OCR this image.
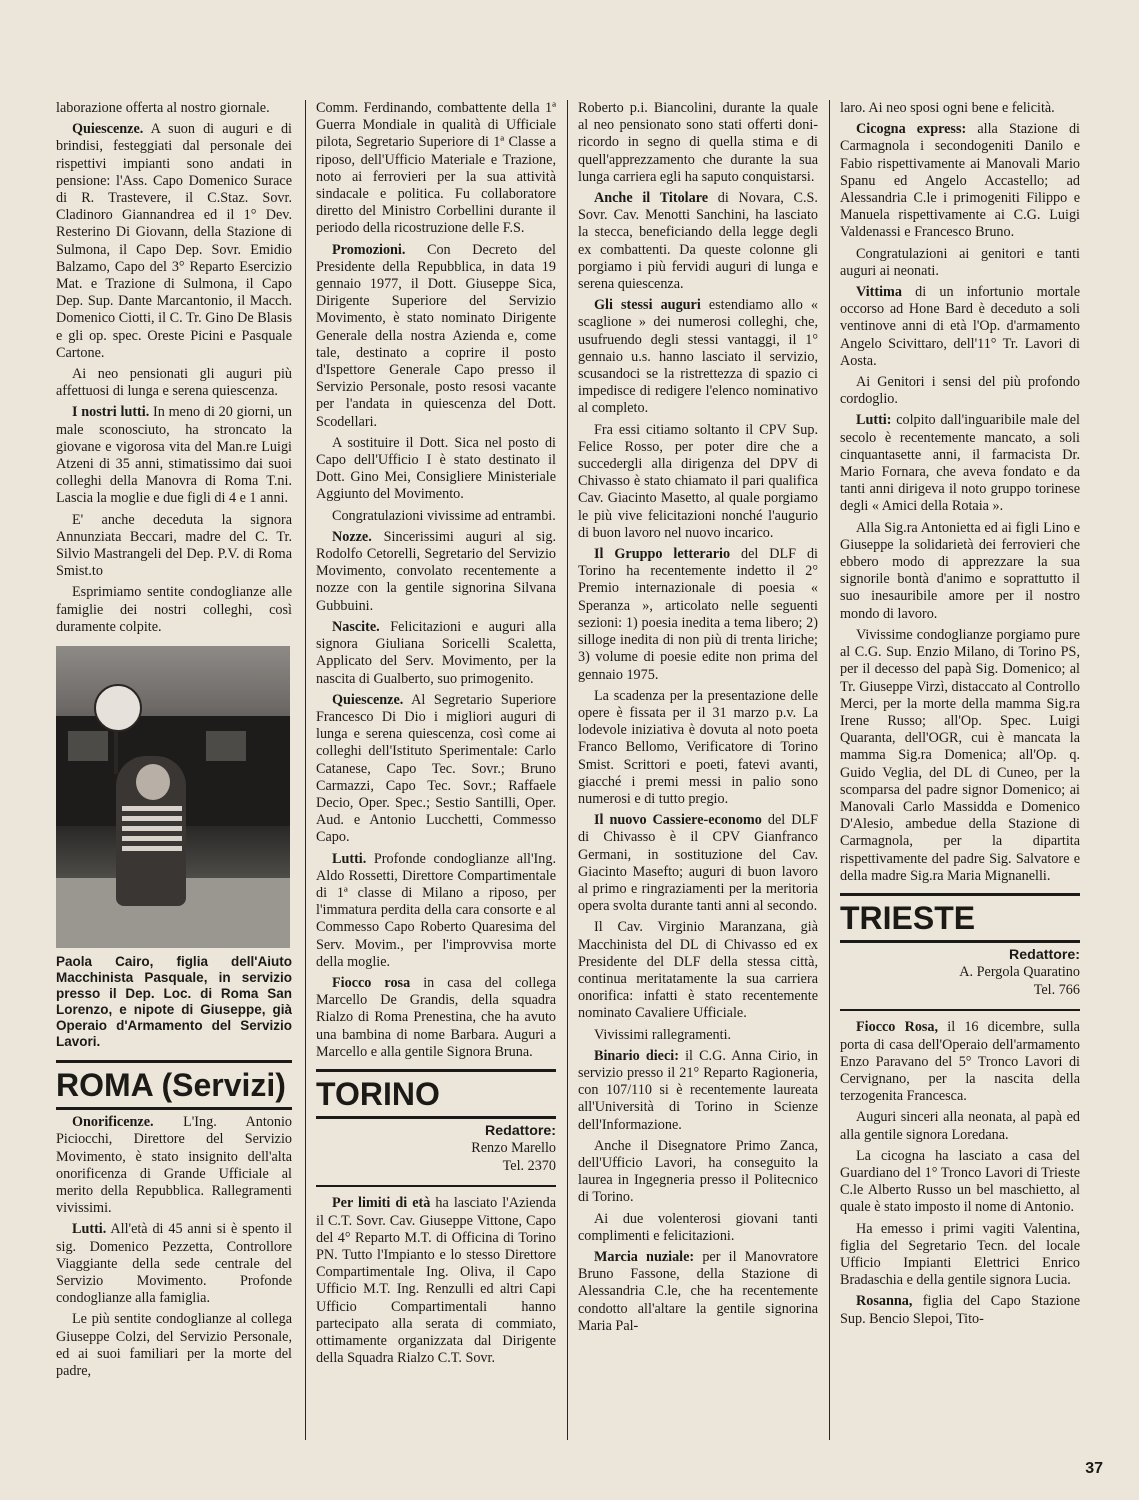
laborazione offerta al nostro giornale.

Quiescenze. A suon di auguri e di brindisi, festeggiati dal personale dei rispettivi impianti sono andati in pensione: l'Ass. Capo Domenico Surace di R. Trastevere, il C.Staz. Sovr. Cladinoro Giannandrea ed il 1° Dev. Resterino Di Giovann, della Stazione di Sulmona, il Capo Dep. Sovr. Emidio Balzamo, Capo del 3° Reparto Esercizio Mat. e Trazione di Sulmona, il Capo Dep. Sup. Dante Marcantonio, il Macch. Domenico Ciotti, il C. Tr. Gino De Blasis e gli op. spec. Oreste Picini e Pasquale Cartone.

Ai neo pensionati gli auguri più affettuosi di lunga e serena quiescenza.

I nostri lutti. In meno di 20 giorni, un male sconosciuto, ha stroncato la giovane e vigorosa vita del Man.re Luigi Atzeni di 35 anni, stimatissimo dai suoi colleghi della Manovra di Roma T.ni. Lascia la moglie e due figli di 4 e 1 anni.

E' anche deceduta la signora Annunziata Beccari, madre del C. Tr. Silvio Mastrangeli del Dep. P.V. di Roma Smist.to

Esprimiamo sentite condoglianze alle famiglie dei nostri colleghi, così duramente colpite.

Paola Cairo, figlia dell'Aiuto Macchinista Pasquale, in servizio presso il Dep. Loc. di Roma San Lorenzo, e nipote di Giuseppe, già Operaio d'Armamento del Servizio Lavori.
ROMA (Servizi)

Onorificenze. L'Ing. Antonio Piciocchi, Direttore del Servizio Movimento, è stato insignito dell'alta onorificenza di Grande Ufficiale al merito della Repubblica. Rallegramenti vivissimi.

Lutti. All'età di 45 anni si è spento il sig. Domenico Pezzetta, Controllore Viaggiante della sede centrale del Servizio Movimento. Profonde condoglianze alla famiglia.

Le più sentite condoglianze al collega Giuseppe Colzi, del Servizio Personale, ed ai suoi familiari per la morte del padre,

Comm. Ferdinando, combattente della 1ª Guerra Mondiale in qualità di Ufficiale pilota, Segretario Superiore di 1ª Classe a riposo, dell'Ufficio Materiale e Trazione, noto ai ferrovieri per la sua attività sindacale e politica. Fu collaboratore diretto del Ministro Corbellini durante il periodo della ricostruzione delle F.S.

Promozioni. Con Decreto del Presidente della Repubblica, in data 19 gennaio 1977, il Dott. Giuseppe Sica, Dirigente Superiore del Servizio Movimento, è stato nominato Dirigente Generale della nostra Azienda e, come tale, destinato a coprire il posto d'Ispettore Generale Capo presso il Servizio Personale, posto resosi vacante per l'andata in quiescenza del Dott. Scodellari.

A sostituire il Dott. Sica nel posto di Capo dell'Ufficio I è stato destinato il Dott. Gino Mei, Consigliere Ministeriale Aggiunto del Movimento.

Congratulazioni vivissime ad entrambi.

Nozze. Sincerissimi auguri al sig. Rodolfo Cetorelli, Segretario del Servizio Movimento, convolato recentemente a nozze con la gentile signorina Silvana Gubbuini.

Nascite. Felicitazioni e auguri alla signora Giuliana Soricelli Scaletta, Applicato del Serv. Movimento, per la nascita di Gualberto, suo primogenito.

Quiescenze. Al Segretario Superiore Francesco Di Dio i migliori auguri di lunga e serena quiescenza, così come ai colleghi dell'Istituto Sperimentale: Carlo Catanese, Capo Tec. Sovr.; Bruno Carmazzi, Capo Tec. Sovr.; Raffaele Decio, Oper. Spec.; Sestio Santilli, Oper. Aud. e Antonio Lucchetti, Commesso Capo.

Lutti. Profonde condoglianze all'Ing. Aldo Rossetti, Direttore Compartimentale di 1ª classe di Milano a riposo, per l'immatura perdita della cara consorte e al Commesso Capo Roberto Quaresima del Serv. Movim., per l'improvvisa morte della moglie.

Fiocco rosa in casa del collega Marcello De Grandis, della squadra Rialzo di Roma Prenestina, che ha avuto una bambina di nome Barbara. Auguri a Marcello e alla gentile Signora Bruna.

TORINO
Redattore:
Renzo Marello
Tel. 2370

Per limiti di età ha lasciato l'Azienda il C.T. Sovr. Cav. Giuseppe Vittone, Capo del 4° Reparto M.T. di Officina di Torino PN. Tutto l'Impianto e lo stesso Direttore Compartimentale Ing. Oliva, il Capo Ufficio M.T. Ing. Renzulli ed altri Capi Ufficio Compartimentali hanno partecipato alla serata di commiato, ottimamente organizzata dal Dirigente della Squadra Rialzo C.T. Sovr.

Roberto p.i. Biancolini, durante la quale al neo pensionato sono stati offerti doni-ricordo in segno di quella stima e di quell'apprezzamento che durante la sua lunga carriera egli ha saputo conquistarsi.

Anche il Titolare di Novara, C.S. Sovr. Cav. Menotti Sanchini, ha lasciato la stecca, beneficiando della legge degli ex combattenti. Da queste colonne gli porgiamo i più fervidi auguri di lunga e serena quiescenza.

Gli stessi auguri estendiamo allo « scaglione » dei numerosi colleghi, che, usufruendo degli stessi vantaggi, il 1° gennaio u.s. hanno lasciato il servizio, scusandoci se la ristrettezza di spazio ci impedisce di redigere l'elenco nominativo al completo.

Fra essi citiamo soltanto il CPV Sup. Felice Rosso, per poter dire che a succedergli alla dirigenza del DPV di Chivasso è stato chiamato il pari qualifica Cav. Giacinto Masetto, al quale porgiamo le più vive felicitazioni nonché l'augurio di buon lavoro nel nuovo incarico.

Il Gruppo letterario del DLF di Torino ha recentemente indetto il 2° Premio internazionale di poesia « Speranza », articolato nelle seguenti sezioni: 1) poesia inedita a tema libero; 2) silloge inedita di non più di trenta liriche; 3) volume di poesie edite non prima del gennaio 1975.

La scadenza per la presentazione delle opere è fissata per il 31 marzo p.v. La lodevole iniziativa è dovuta al noto poeta Franco Bellomo, Verificatore di Torino Smist. Scrittori e poeti, fatevi avanti, giacché i premi messi in palio sono numerosi e di tutto pregio.

Il nuovo Cassiere-economo del DLF di Chivasso è il CPV Gianfranco Germani, in sostituzione del Cav. Giacinto Masefto; auguri di buon lavoro al primo e ringraziamenti per la meritoria opera svolta durante tanti anni al secondo.

Il Cav. Virginio Maranzana, già Macchinista del DL di Chivasso ed ex Presidente del DLF della stessa città, continua meritatamente la sua carriera onorifica: infatti è stato recentemente nominato Cavaliere Ufficiale.

Vivissimi rallegramenti.

Binario dieci: il C.G. Anna Cirio, in servizio presso il 21° Reparto Ragioneria, con 107/110 si è recentemente laureata all'Università di Torino in Scienze dell'Informazione.

Anche il Disegnatore Primo Zanca, dell'Ufficio Lavori, ha conseguito la laurea in Ingegneria presso il Politecnico di Torino.

Ai due volenterosi giovani tanti complimenti e felicitazioni.

Marcia nuziale: per il Manovratore Bruno Fassone, della Stazione di Alessandria C.le, che ha recentemente condotto all'altare la gentile signorina Maria Pal-

laro. Ai neo sposi ogni bene e felicità.

Cicogna express: alla Stazione di Carmagnola i secondogeniti Danilo e Fabio rispettivamente ai Manovali Mario Spanu ed Angelo Accastello; ad Alessandria C.le i primogeniti Filippo e Manuela rispettivamente ai C.G. Luigi Valdenassi e Francesco Bruno.

Congratulazioni ai genitori e tanti auguri ai neonati.

Vittima di un infortunio mortale occorso ad Hone Bard è deceduto a soli ventinove anni di età l'Op. d'armamento Angelo Scivittaro, dell'11° Tr. Lavori di Aosta.

Ai Genitori i sensi del più profondo cordoglio.

Lutti: colpito dall'inguaribile male del secolo è recentemente mancato, a soli cinquantasette anni, il farmacista Dr. Mario Fornara, che aveva fondato e da tanti anni dirigeva il noto gruppo torinese degli « Amici della Rotaia ».

Alla Sig.ra Antonietta ed ai figli Lino e Giuseppe la solidarietà dei ferrovieri che ebbero modo di apprezzare la sua signorile bontà d'animo e soprattutto il suo inesauribile amore per il nostro mondo di lavoro.

Vivissime condoglianze porgiamo pure al C.G. Sup. Enzio Milano, di Torino PS, per il decesso del papà Sig. Domenico; al Tr. Giuseppe Virzì, distaccato al Controllo Merci, per la morte della mamma Sig.ra Irene Russo; all'Op. Spec. Luigi Quaranta, dell'OGR, cui è mancata la mamma Sig.ra Domenica; all'Op. q. Guido Veglia, del DL di Cuneo, per la scomparsa del padre signor Domenico; ai Manovali Carlo Massidda e Domenico D'Alesio, ambedue della Stazione di Carmagnola, per la dipartita rispettivamente del padre Sig. Salvatore e della madre Sig.ra Maria Mignanelli.

TRIESTE
Redattore:
A. Pergola Quaratino
Tel. 766

Fiocco Rosa, il 16 dicembre, sulla porta di casa dell'Operaio dell'armamento Enzo Paravano del 5° Tronco Lavori di Cervignano, per la nascita della terzogenita Francesca.

Auguri sinceri alla neonata, al papà ed alla gentile signora Loredana.

La cicogna ha lasciato a casa del Guardiano del 1° Tronco Lavori di Trieste C.le Alberto Russo un bel maschietto, al quale è stato imposto il nome di Antonio.

Ha emesso i primi vagiti Valentina, figlia del Segretario Tecn. del locale Ufficio Impianti Elettrici Enrico Bradaschia e della gentile signora Lucia.

Rosanna, figlia del Capo Stazione Sup. Bencio Slepoi, Tito-

37
